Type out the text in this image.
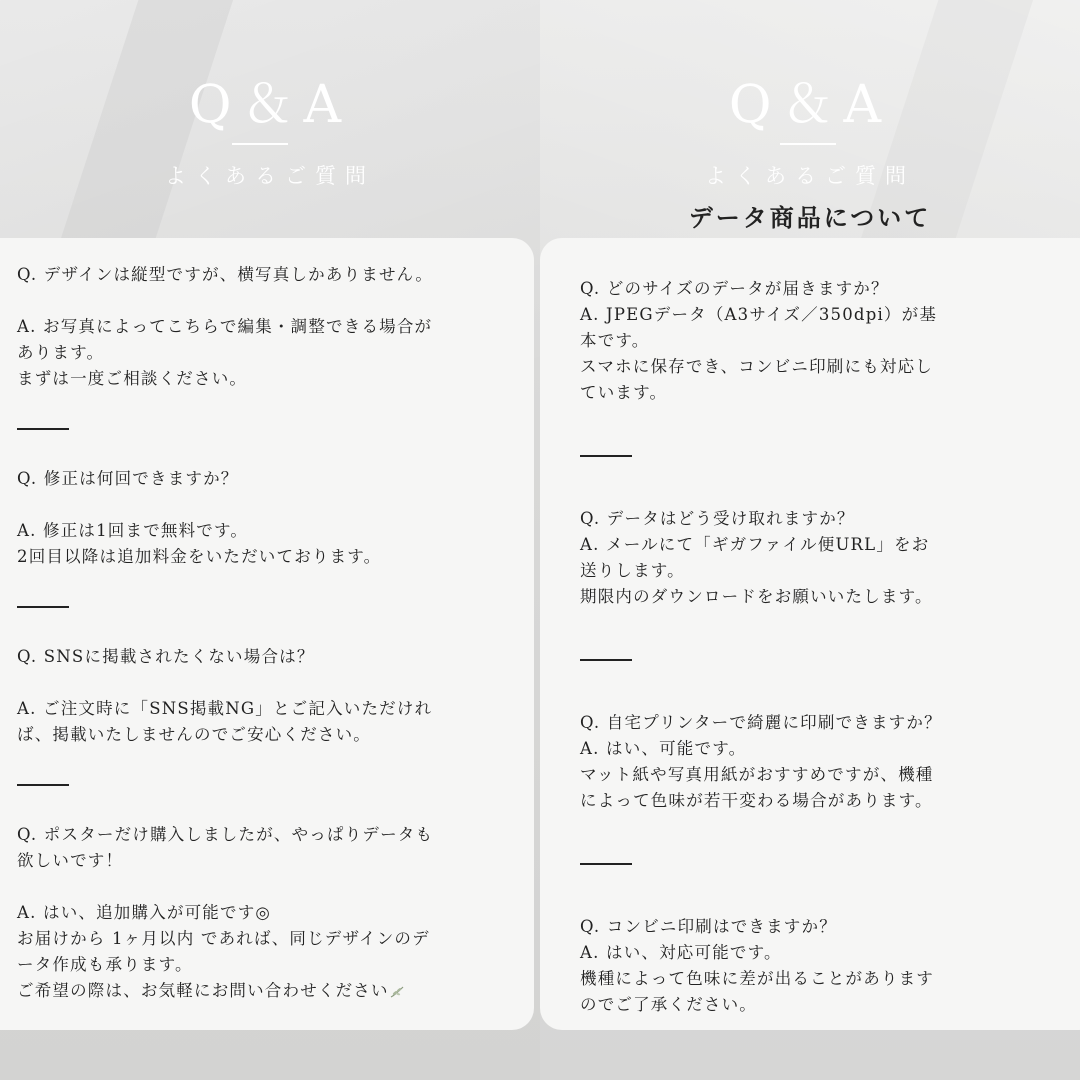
Q＆A
よくあるご質問
Q. デザインは縦型ですが、横写真しかありません。
A. お写真によってこちらで編集・調整できる場合が
あります。
まずは一度ご相談ください。
Q. 修正は何回できますか？
A. 修正は1回まで無料です。
2回目以降は追加料金をいただいております。
Q. SNSに掲載されたくない場合は？
A. ご注文時に「SNS掲載NG」とご記入いただけれ
ば、掲載いたしませんのでご安心ください。
Q. ポスターだけ購入しましたが、やっぱりデータも
欲しいです！
A. はい、追加購入が可能です◎
お届けから 1ヶ月以内 であれば、同じデザインのデ
ータ作成も承ります。
ご希望の際は、お気軽にお問い合わせください
Q＆A
よくあるご質問
データ商品について
Q. どのサイズのデータが届きますか？
A. JPEGデータ（A3サイズ／350dpi）が基
本です。
スマホに保存でき、コンビニ印刷にも対応し
ています。
Q. データはどう受け取れますか？
A. メールにて「ギガファイル便URL」をお
送りします。
期限内のダウンロードをお願いいたします。
Q. 自宅プリンターで綺麗に印刷できますか？
A. はい、可能です。
マット紙や写真用紙がおすすめですが、機種
によって色味が若干変わる場合があります。
Q. コンビニ印刷はできますか？
A. はい、対応可能です。
機種によって色味に差が出ることがあります
のでご了承ください。
